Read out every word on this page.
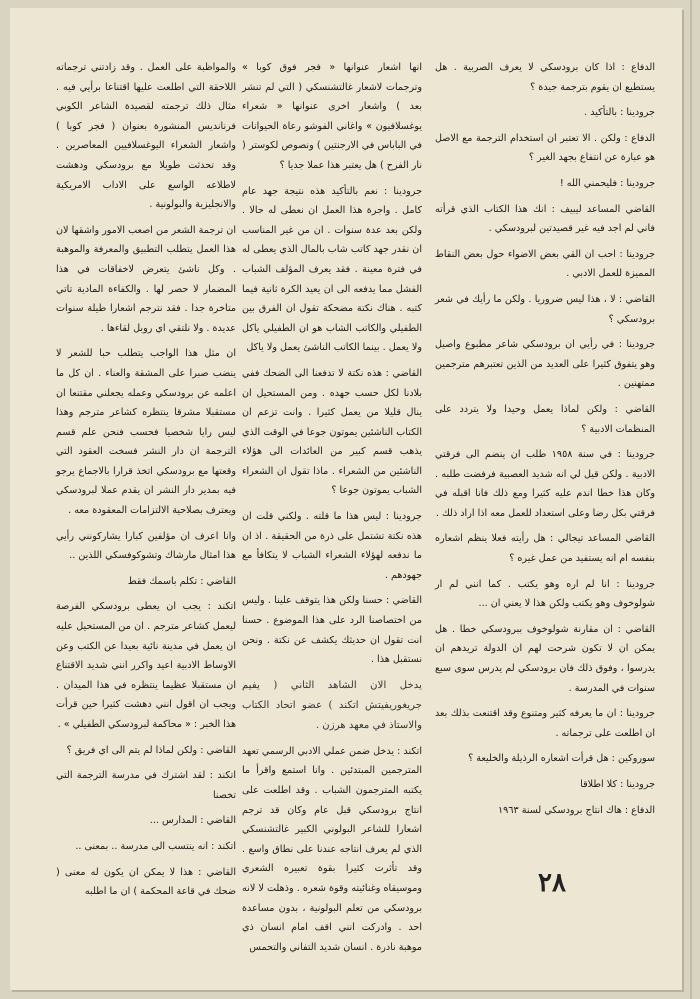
الدفاع : اذا كان برودسكي لا يعرف الصربية . هل يستطيع ان يقوم بترجمة جيدة ؟

جرودينا : بالتأكيد .

الدفاع : ولكن . الا تعتبر ان استخدام الترجمة مع الاصل هو عبارة عن انتفاع بجهد الغير ؟

جرودينا : فليحمني الله !

القاضي المساعد ليبيف : انك هذا الكتاب الذي قرأته فاني لم اجد فيه غير قصيدتين لبرودسكي .

جرودينا : احب ان القي بعض الاضواء حول بعض النقاط المميزة للعمل الادبي .

القاضي : لا ، هذا ليس ضروريا . ولكن ما رأيك في شعر برودسكي ؟

جرودينا : في رأيي ان برودسكي شاعر مطبوع واصيل وهو يتفوق كثيرا على العديد من الذين تعتبرهم مترجمين ممتهنين .

القاضي : ولكن لماذا يعمل وحيدا ولا يتردد على المنظمات الادبية ؟

جرودينا : في سنة ١٩٥٨ طلب ان ينضم الى فرقتي الادبية . ولكن قيل لي انه شديد العصبية فرفضت طلبه . وكان هذا خطا اندم عليه كثيرا ومع ذلك فانا اقبله في فرقتي بكل رضا وعلى استعداد للعمل معه اذا اراد ذلك .

القاضي المساعد تيجالي : هل رأيته فعلا ينظم اشعاره بنفسه ام انه يستفيد من عمل غيره ؟

جرودينا : انا لم اره وهو يكتب . كما انني لم ار شولوخوف وهو يكتب ولكن هذا لا يعني ان ...

القاضي : ان مقارنة شولوخوف ببرودسكي خطا . هل يمكن ان لا تكون شرحت لهم ان الدولة تريدهم ان يدرسوا ، وفوق ذلك فان برودسكي لم يدرس سوى سبع سنوات في المدرسة .

جرودينا : ان ما يعرفه كثير ومتنوع وقد اقتنعت بذلك بعد ان اطلعت على ترجماته .

سوروكين : هل قرأت اشعاره الرذيلة والخليعة ؟

جرودينا : كلا اطلاقا

الدفاع : هاك انتاج برودسكي لسنة ١٩٦٣

انها اشعار عنوانها « فجر فوق كوبا » وترجمات لاشعار غالتشنسكي ( التي لم تنشر بعد ) واشعار اخرى عنوانها « شعراء يوغسلافيون » واغاني الفوشو رعاة الحيوانات في الباباس في الارجنتين ) ونصوص لكوستر ( نار الفرح ) هل يعتبر هذا عملا جديا ؟

جرودينا : نعم بالتأكيد هذه نتيجة جهد عام كامل . واجرة هذا العمل ان نعطى له حالا . ولكن بعد عدة سنوات . ان من غير المناسب ان نقدر جهد كاتب شاب بالمال الذي يعطى له في فترة معينة . فقد يعرف المؤلف الشباب الفشل مما يدفعه الى ان يعيد الكرة ثانية فيما كتبه . هناك نكتة مضحكة تقول ان الفرق بين الطفيلي والكاتب الشاب هو ان الطفيلي ياكل ولا يعمل . بينما الكاتب الناشئ يعمل ولا ياكل

القاضي : هذه نكتة لا تدفعنا الى الضحك ففي بلادنا لكل حسب جهده . ومن المستحيل ان ينال قليلا من يعمل كثيرا . وانت تزعم ان الكتاب الناشئين يموتون جوعا في الوقت الذي يذهب قسم كبير من العائدات الى هؤلاء الناشئين من الشعراء . ماذا تقول ان الشعراء الشباب يموتون جوعا ؟

جرودينا : ليس هذا ما قلته . ولكني قلت ان هذه نكتة تشتمل على ذرة من الحقيقة . اذ ان ما ندفعه لهؤلاء الشعراء الشباب لا يتكافأ مع جهودهم .

القاضي : حسنا ولكن هذا يتوقف علينا . وليس من اختصاصنا الرد على هذا الموضوع . حسنا انت تقول ان حديثك يكشف عن نكتة . ونحن نستقبل هذا .

يدخل الان الشاهد الثاني ( يفيم جريغوريفيتش اتكند ) عضو اتحاد الكتاب والاستاذ في معهد هرزن .

اتكند : يدخل ضمن عملي الادبي الرسمي تعهد المترجمين المبتدئين . وانا استمع واقرأ ما يكتبه المترجمون الشباب . وقد اطلعت على انتاج برودسكي قبل عام وكان قد ترجم اشعارا للشاعر البولوني الكبير غالتشنسكي الذي لم يعرف انتاجه عندنا على نطاق واسع . وقد تأثرت كثيرا بقوة تعبيره الشعري وموسيقاه وغنائيته وقوة شعره . وذهلت لا لانه برودسكي من تعلم البولونية ، بدون مساعدة احد . وادركت انني اقف امام انسان ذي موهبة نادرة . انسان شديد التفاني والتحمس

والمواظبة على العمل . وقد زادتني ترجماته اللاحقة التي اطلعت عليها اقتناعا برأيي فيه . مثال ذلك ترجمته لقصيدة الشاعر الكوبي فرنانديس المنشورة بعنوان ( فجر كوبا ) واشعار الشعراء اليوغسلافيين المعاصرين . وقد تحدثت طويلا مع برودسكي ودهشت لاطلاعه الواسع على الاداب الامريكية والانجليزية والبولونية .

ان ترجمة الشعر من اصعب الامور واشقها لان هذا العمل يتطلب التطبيق والمعرفة والموهبة . وكل ناشئ يتعرض لاخفاقات في هذا المضمار لا حصر لها . والكفاءة المادية تاتي متاخرة جدا . فقد نترجم اشعارا طيلة سنوات عديدة . ولا نلتقي اي روبل لقاءها .

ان مثل هذا الواجب يتطلب حبا للشعر لا ينضب صبرا على المشقة والعناء . ان كل ما اعلمه عن برودسكي وعمله يجعلني مقتنعا ان مستقبلا مشرقا ينتظره كشاعر مترجم وهذا ليس رايا شخصيا فحسب فنحن علم قسم الترجمة ان دار النشر فسخت العقود التي وقعتها مع برودسكي اتخذ قرارا بالاجماع يرجو فيه بمدير دار النشر ان يقدم عملا لبرودسكي ويعترف بصلاحية الالتزامات المعقودة معه .

وانا اعرف ان مؤلفين كبارا يشاركونني رأيي هذا امثال مارشاك وتشوكوفسكي اللذين ..

القاضي : تكلم باسمك فقط

اتكند : يجب ان يعطى برودسكي الفرصة ليعمل كشاعر مترجم . ان من المستحيل عليه ان يعمل في مدينة نائية بعيدا عن الكتب وعن الاوساط الادبية اعيد واكرر انني شديد الاقتناع ان مستقبلا عظيما ينتظره في هذا الميدان . ويجب ان اقول انني دهشت كثيرا حين قرأت هذا الخبر : « محاكمة لبرودسكي الطفيلي » .

القاضي : ولكن لماذا لم يتم الى اي فريق ؟

اتكند : لقد اشترك في مدرسة الترجمة التي تخصنا

القاضي : المدارس ...

اتكند : انه ينتسب الى مدرسة .. بمعنى ..

القاضي : هذا لا يمكن ان يكون له معنى ( ضحك في قاعة المحكمة ) ان ما اطلبه	٢٨
